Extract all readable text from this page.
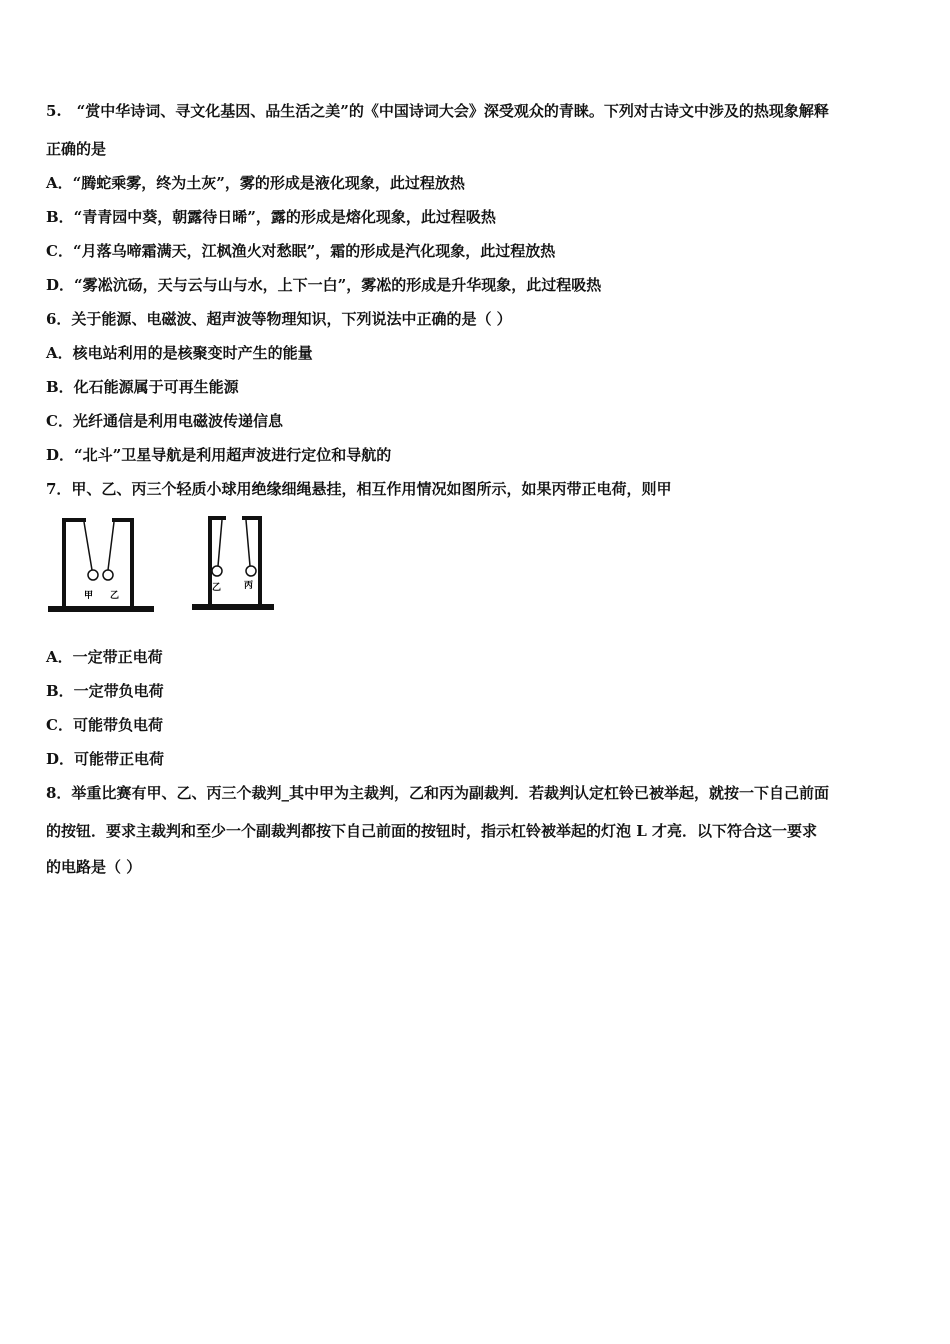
5.　“赏中华诗词、寻文化基因、品生活之美”的《中国诗词大会》深受观众的青睐。下列对古诗文中涉及的热现象解释
正确的是
A．“腾蛇乘雾，终为土灰”，雾的形成是液化现象，此过程放热
B．“青青园中葵，朝露待日晞”，露的形成是熔化现象，此过程吸热
C．“月落乌啼霜满天，江枫渔火对愁眠”，霜的形成是汽化现象，此过程放热
D．“雾凇沆砀，天与云与山与水，上下一白”，雾凇的形成是升华现象，此过程吸热
6．关于能源、电磁波、超声波等物理知识，下列说法中正确的是（ ）
A．核电站利用的是核聚变时产生的能量
B．化石能源属于可再生能源
C．光纤通信是利用电磁波传递信息
D．“北斗”卫星导航是利用超声波进行定位和导航的
7．甲、乙、丙三个轻质小球用绝缘细绳悬挂，相互作用情况如图所示，如果丙带正电荷，则甲
甲 乙
乙	丙
A．一定带正电荷
B．一定带负电荷
C．可能带负电荷
D．可能带正电荷
8．举重比赛有甲、乙、丙三个裁判_其中甲为主裁判，乙和丙为副裁判．若裁判认定杠铃已被举起，就按一下自己前面
的按钮．要求主裁判和至少一个副裁判都按下自己前面的按钮时，指示杠铃被举起的灯泡 L 才亮．以下符合这一要求
的电路是（ ）
